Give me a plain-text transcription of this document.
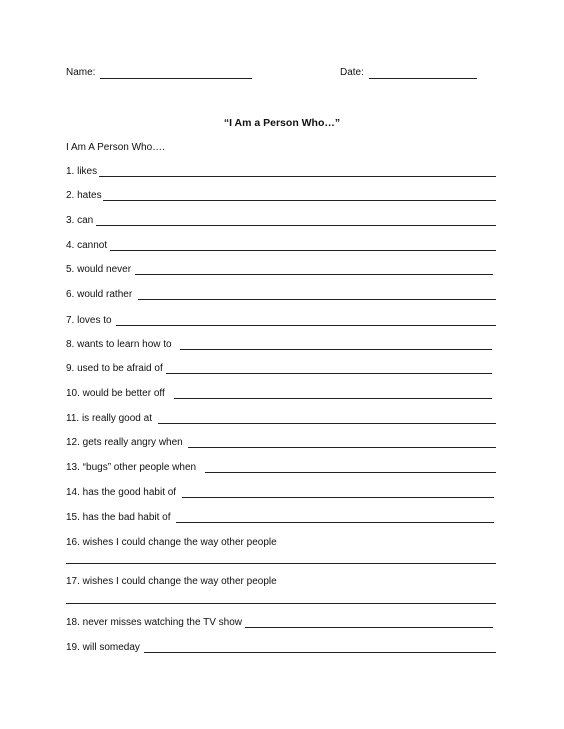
Name:	Date:
“I Am a Person Who…”
I Am A Person Who….
1. likes
2. hates
3. can
4. cannot
5. would never
6. would rather
7. loves to
8. wants to learn how to
9. used to be afraid of
10. would be better off
11. is really good at
12. gets really angry when
13. “bugs” other people when
14. has the good habit of
15. has the bad habit of
16. wishes I could change the way other people
17. wishes I could change the way other people
18. never misses watching the TV show
19. will someday
